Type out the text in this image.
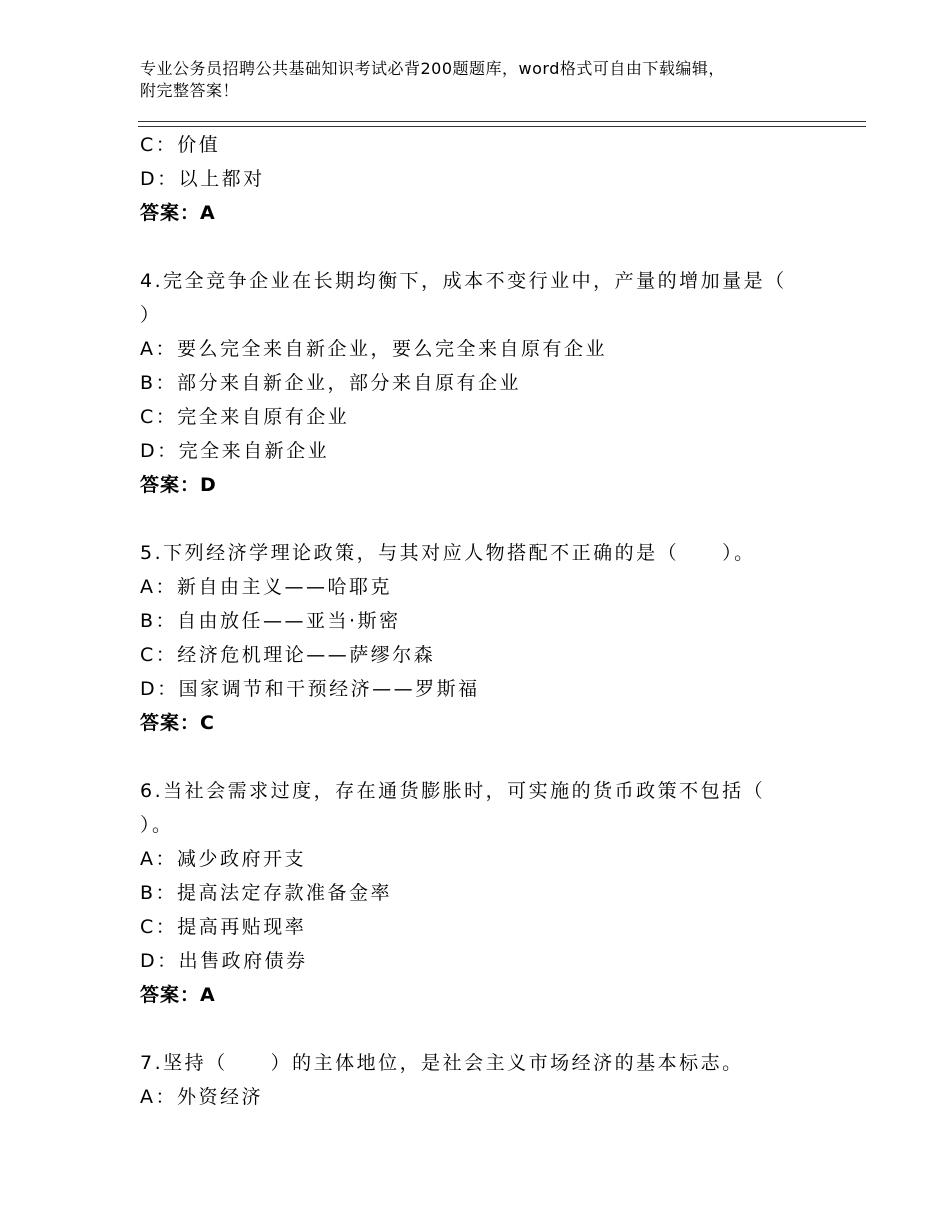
专业公务员招聘公共基础知识考试必背200题题库，word格式可自由下载编辑，
附完整答案！
C：价值
D：以上都对
答案：A
4.完全竞争企业在长期均衡下，成本不变行业中，产量的增加量是（
）
A：要么完全来自新企业，要么完全来自原有企业
B：部分来自新企业，部分来自原有企业
C：完全来自原有企业
D：完全来自新企业
答案：D
5.下列经济学理论政策，与其对应人物搭配不正确的是（　　）。
A：新自由主义——哈耶克
B：自由放任——亚当·斯密
C：经济危机理论——萨缪尔森
D：国家调节和干预经济——罗斯福
答案：C
6.当社会需求过度，存在通货膨胀时，可实施的货币政策不包括（
）。
A：减少政府开支
B：提高法定存款准备金率
C：提高再贴现率
D：出售政府债券
答案：A
7.坚持（　　）的主体地位，是社会主义市场经济的基本标志。
A：外资经济
